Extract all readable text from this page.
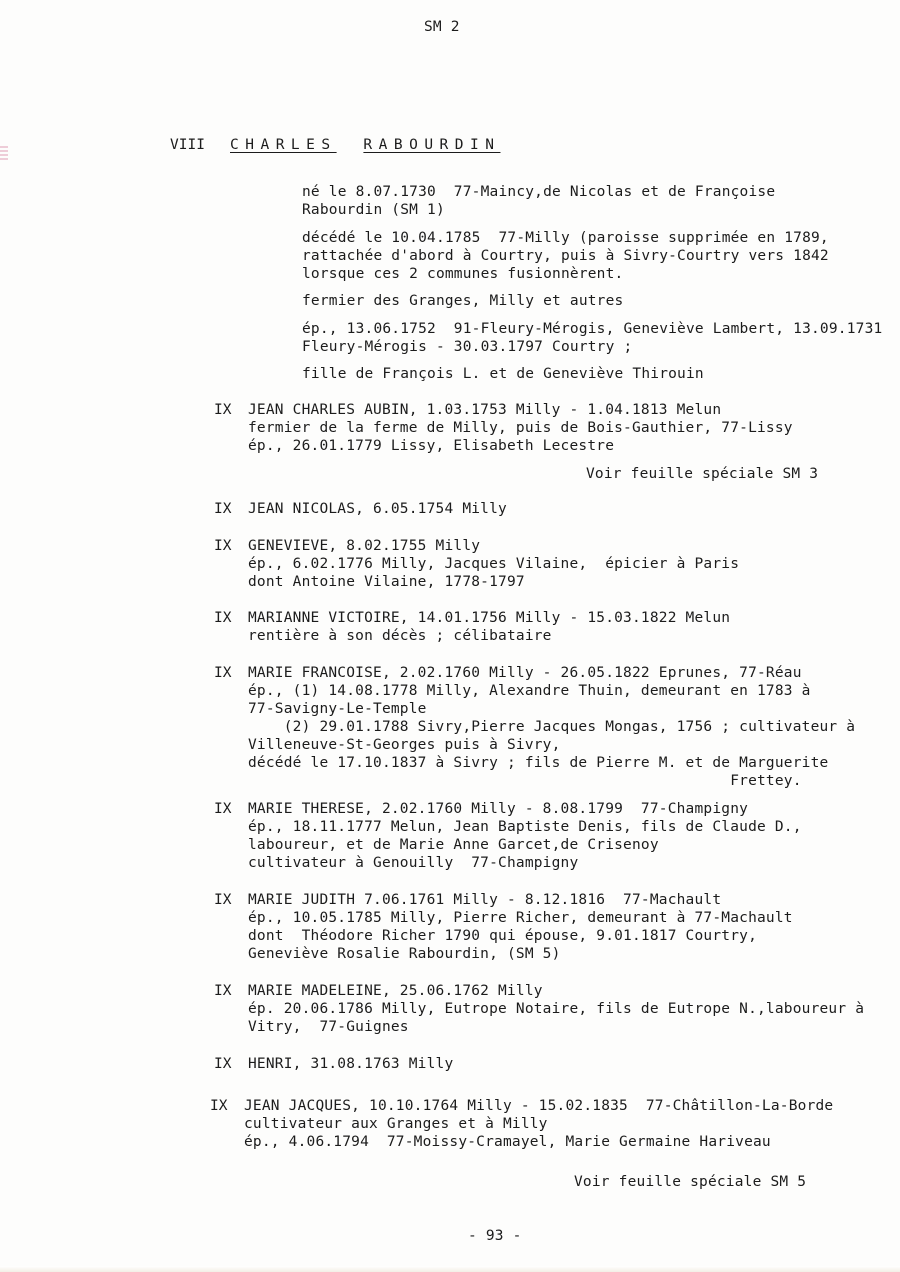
SM 2
VIII CHARLES RABOURDIN
né le 8.07.1730  77-Maincy,de Nicolas et de Françoise
Rabourdin (SM 1)
décédé le 10.04.1785  77-Milly (paroisse supprimée en 1789,
rattachée d'abord à Courtry, puis à Sivry-Courtry vers 1842
lorsque ces 2 communes fusionnèrent.
fermier des Granges, Milly et autres
ép., 13.06.1752  91-Fleury-Mérogis, Geneviève Lambert, 13.09.1731
Fleury-Mérogis - 30.03.1797 Courtry ;
fille de François L. et de Geneviève Thirouin
IX JEAN CHARLES AUBIN, 1.03.1753 Milly - 1.04.1813 Melun
fermier de la ferme de Milly, puis de Bois-Gauthier, 77-Lissy
ép., 26.01.1779 Lissy, Elisabeth Lecestre
Voir feuille spéciale SM 3
IX JEAN NICOLAS, 6.05.1754 Milly
IX GENEVIEVE, 8.02.1755 Milly
ép., 6.02.1776 Milly, Jacques Vilaine,  épicier à Paris
dont Antoine Vilaine, 1778-1797
IX MARIANNE VICTOIRE, 14.01.1756 Milly - 15.03.1822 Melun
rentière à son décès ; célibataire
IX MARIE FRANCOISE, 2.02.1760 Milly - 26.05.1822 Eprunes, 77-Réau
ép., (1) 14.08.1778 Milly, Alexandre Thuin, demeurant en 1783 à
77-Savigny-Le-Temple
(2) 29.01.1788 Sivry,Pierre Jacques Mongas, 1756 ; cultivateur à
Villeneuve-St-Georges puis à Sivry,
décédé le 17.10.1837 à Sivry ; fils de Pierre M. et de Marguerite
Frettey.
IX MARIE THERESE, 2.02.1760 Milly - 8.08.1799  77-Champigny
ép., 18.11.1777 Melun, Jean Baptiste Denis, fils de Claude D.,
laboureur, et de Marie Anne Garcet,de Crisenoy
cultivateur à Genouilly  77-Champigny
IX MARIE JUDITH 7.06.1761 Milly - 8.12.1816  77-Machault
ép., 10.05.1785 Milly, Pierre Richer, demeurant à 77-Machault
dont  Théodore Richer 1790 qui épouse, 9.01.1817 Courtry,
Geneviève Rosalie Rabourdin, (SM 5)
IX MARIE MADELEINE, 25.06.1762 Milly
ép. 20.06.1786 Milly, Eutrope Notaire, fils de Eutrope N.,laboureur à
Vitry,  77-Guignes
IX HENRI, 31.08.1763 Milly
IX JEAN JACQUES, 10.10.1764 Milly - 15.02.1835  77-Châtillon-La-Borde
cultivateur aux Granges et à Milly
ép., 4.06.1794  77-Moissy-Cramayel, Marie Germaine Hariveau
Voir feuille spéciale SM 5
- 93 -
